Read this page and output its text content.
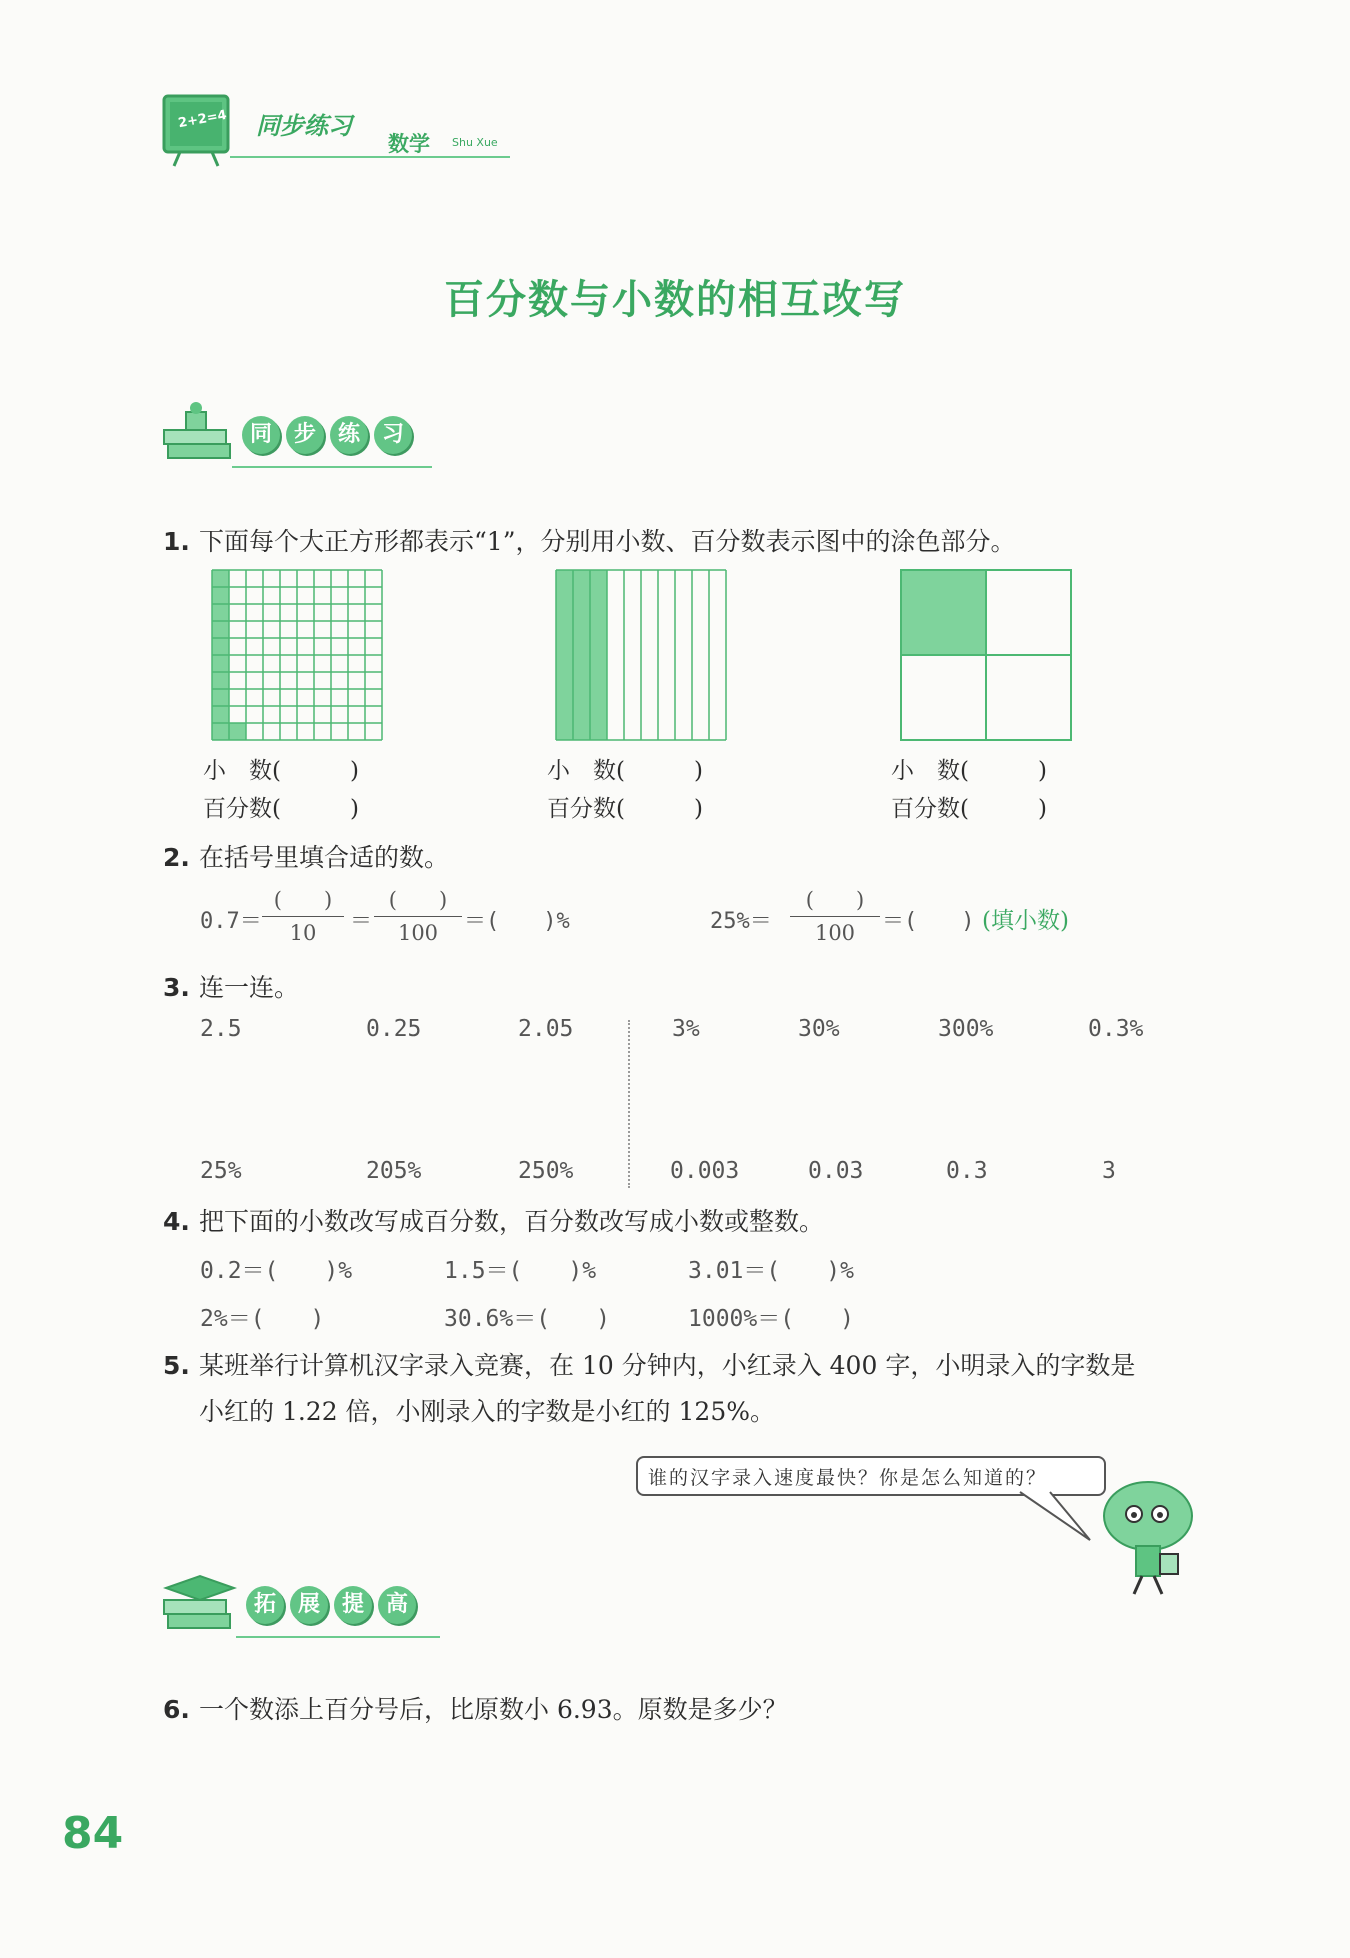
2+2=4 同步练习
数学 Shu Xue
百分数与小数的相互改写
同 步 练 习
1. 下面每个大正方形都表示“1”，分别用小数、百分数表示图中的涂色部分。
小　数(　　　)
百分数(　　　)
小　数(　　　)
百分数(　　　)
小　数(　　　)
百分数(　　　)
2. 在括号里填合适的数。
0.7＝
(　　)
10	＝
(　　)
100	＝(　　)%	25%＝
(　　)
100	＝(　　) (填小数)
3. 连一连。
2.5	0.25	2.05	3%	30%	300%	0.3%
25%	205%	250%	0.003	0.03	0.3	3
4. 把下面的小数改写成百分数，百分数改写成小数或整数。
0.2＝(　　)%	1.5＝(　　)%	3.01＝(　　)%
2%＝(　　)	30.6%＝(　　)	1000%＝(　　)
5. 某班举行计算机汉字录入竞赛，在 10 分钟内，小红录入 400 字，小明录入的字数是
小红的 1.22 倍，小刚录入的字数是小红的 125%。
谁的汉字录入速度最快？你是怎么知道的？
拓 展 提 高
6. 一个数添上百分号后，比原数小 6.93。原数是多少？
84
